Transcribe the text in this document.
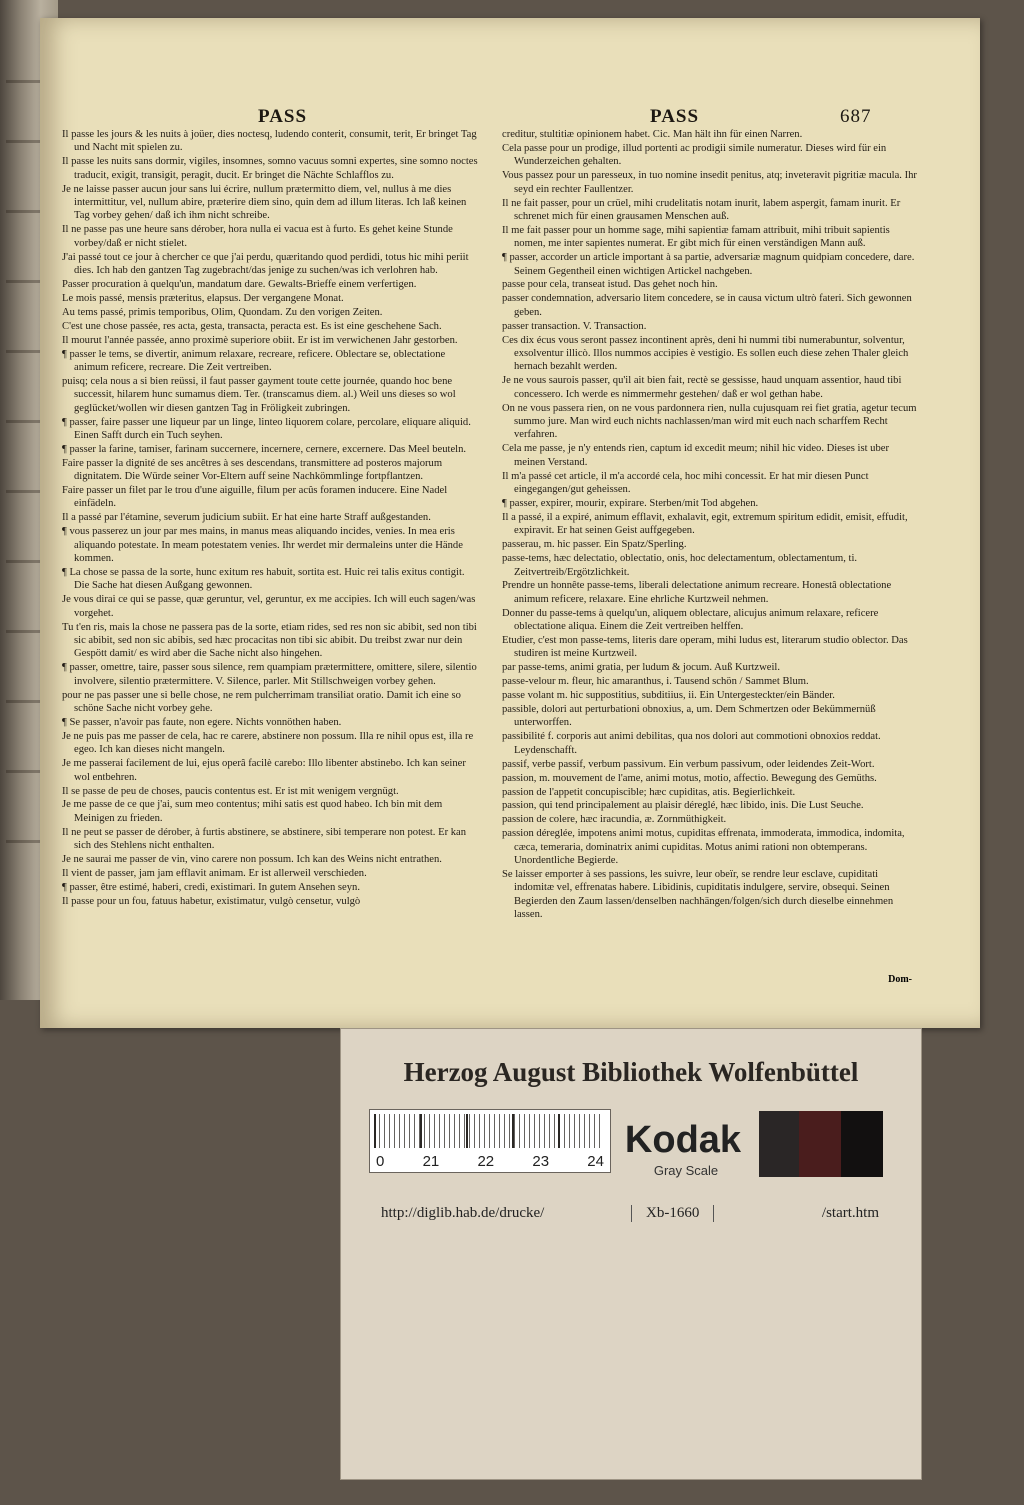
PASS	PASS	687

Il passe les jours & les nuits à joüer, dies noctesq, ludendo conterit, consumit, terit, Er bringet Tag und Nacht mit spielen zu.

Il passe les nuits sans dormir, vigiles, insomnes, somno vacuus somni expertes, sine somno noctes traducit, exigit, transigit, peragit, ducit. Er bringet die Nächte Schlafflos zu.

Je ne laisse passer aucun jour sans lui écrire, nullum prætermitto diem, vel, nullus à me dies intermittitur, vel, nullum abire, præterire diem sino, quin dem ad illum literas. Ich laß keinen Tag vorbey gehen/ daß ich ihm nicht schreibe.

Il ne passe pas une heure sans dérober, hora nulla ei vacua est à furto. Es gehet keine Stunde vorbey/daß er nicht stielet.

J'ai passé tout ce jour à chercher ce que j'ai perdu, quæritando quod perdidi, totus hic mihi periit dies. Ich hab den gantzen Tag zugebracht/das jenige zu suchen/was ich verlohren hab.

Passer procuration à quelqu'un, mandatum dare. Gewalts-Brieffe einem verfertigen.

Le mois passé, mensis præteritus, elapsus. Der vergangene Monat.

Au tems passé, primis temporibus, Olim, Quondam. Zu den vorigen Zeiten.

C'est une chose passée, res acta, gesta, transacta, peracta est. Es ist eine geschehene Sach.

Il mourut l'année passée, anno proximè superiore obiit. Er ist im verwichenen Jahr gestorben.

¶ passer le tems, se divertir, animum relaxare, recreare, reficere. Oblectare se, oblectatione animum reficere, recreare. Die Zeit vertreiben.

puisq; cela nous a si bien reüssi, il faut passer gayment toute cette journée, quando hoc bene successit, hilarem hunc sumamus diem. Ter. (transcamus diem. al.) Weil uns dieses so wol geglücket/wollen wir diesen gantzen Tag in Fröligkeit zubringen.

¶ passer, faire passer une liqueur par un linge, linteo liquorem colare, percolare, eliquare aliquid. Einen Safft durch ein Tuch seyhen.

¶ passer la farine, tamiser, farinam succernere, incernere, cernere, excernere. Das Meel beuteln.

Faire passer la dignité de ses ancêtres à ses descendans, transmittere ad posteros majorum dignitatem. Die Würde seiner Vor-Eltern auff seine Nachkömmlinge fortpflantzen.

Faire passer un filet par le trou d'une aiguille, filum per acûs foramen inducere. Eine Nadel einfädeln.

Il a passé par l'étamine, severum judicium subiit. Er hat eine harte Straff außgestanden.

¶ vous passerez un jour par mes mains, in manus meas aliquando incides, venies. In mea eris aliquando potestate. In meam potestatem venies. Ihr werdet mir dermaleins unter die Hände kommen.

¶ La chose se passa de la sorte, hunc exitum res habuit, sortita est. Huic rei talis exitus contigit. Die Sache hat diesen Außgang gewonnen.

Je vous dirai ce qui se passe, quæ geruntur, vel, geruntur, ex me accipies. Ich will euch sagen/was vorgehet.

Tu t'en ris, mais la chose ne passera pas de la sorte, etiam rides, sed res non sic abibit, sed non tibi sic abibit, sed non sic abibis, sed hæc procacitas non tibi sic abibit. Du treibst zwar nur dein Gespött damit/ es wird aber die Sache nicht also hingehen.

¶ passer, omettre, taire, passer sous silence, rem quampiam prætermittere, omittere, silere, silentio involvere, silentio prætermittere. V. Silence, parler. Mit Stillschweigen vorbey gehen.

pour ne pas passer une si belle chose, ne rem pulcherrimam transiliat oratio. Damit ich eine so schöne Sache nicht vorbey gehe.

¶ Se passer, n'avoir pas faute, non egere. Nichts vonnöthen haben.

Je ne puis pas me passer de cela, hac re carere, abstinere non possum. Illa re nihil opus est, illa re egeo. Ich kan dieses nicht mangeln.

Je me passerai facilement de lui, ejus operâ facilè carebo: Illo libenter abstinebo. Ich kan seiner wol entbehren.

Il se passe de peu de choses, paucis contentus est. Er ist mit wenigem vergnügt.

Je me passe de ce que j'ai, sum meo contentus; mihi satis est quod habeo. Ich bin mit dem Meinigen zu frieden.

Il ne peut se passer de dérober, à furtis abstinere, se abstinere, sibi temperare non potest. Er kan sich des Stehlens nicht enthalten.

Je ne saurai me passer de vin, vino carere non possum. Ich kan des Weins nicht entrathen.

Il vient de passer, jam jam efflavit animam. Er ist allerweil verschieden.

¶ passer, être estimé, haberi, credi, existimari. In gutem Ansehen seyn.

Il passe pour un fou, fatuus habetur, existimatur, vulgò censetur, vulgò

creditur, stultitiæ opinionem habet. Cic. Man hält ihn für einen Narren.

Cela passe pour un prodige, illud portenti ac prodigii simile numeratur. Dieses wird für ein Wunderzeichen gehalten.

Vous passez pour un paresseux, in tuo nomine insedit penitus, atq; inveteravit pigritiæ macula. Ihr seyd ein rechter Faullentzer.

Il ne fait passer, pour un crüel, mihi crudelitatis notam inurit, labem aspergit, famam inurit. Er schrenet mich für einen grausamen Menschen auß.

Il me fait passer pour un homme sage, mihi sapientiæ famam attribuit, mihi tribuit sapientis nomen, me inter sapientes numerat. Er gibt mich für einen verständigen Mann auß.

¶ passer, accorder un article important à sa partie, adversariæ magnum quidpiam concedere, dare. Seinem Gegentheil einen wichtigen Artickel nachgeben.

passe pour cela, transeat istud. Das gehet noch hin.

passer condemnation, adversario litem concedere, se in causa victum ultrò fateri. Sich gewonnen geben.

passer transaction. V. Transaction.

Ces dix écus vous seront passez incontinent après, deni hi nummi tibi numerabuntur, solventur, exsolventur illicò. Illos nummos accipies è vestigio. Es sollen euch diese zehen Thaler gleich hernach bezahlt werden.

Je ne vous saurois passer, qu'il ait bien fait, rectè se gessisse, haud unquam assentior, haud tibi concessero. Ich werde es nimmermehr gestehen/ daß er wol gethan habe.

On ne vous passera rien, on ne vous pardonnera rien, nulla cujusquam rei fiet gratia, agetur tecum summo jure. Man wird euch nichts nachlassen/man wird mit euch nach scharffem Recht verfahren.

Cela me passe, je n'y entends rien, captum id excedit meum; nihil hic video. Dieses ist uber meinen Verstand.

Il m'a passé cet article, il m'a accordé cela, hoc mihi concessit. Er hat mir diesen Punct eingegangen/gut geheissen.

¶ passer, expirer, mourir, expirare. Sterben/mit Tod abgehen.

Il a passé, il a expiré, animum efflavit, exhalavit, egit, extremum spiritum edidit, emisit, effudit, expiravit. Er hat seinen Geist auffgegeben.

passerau, m. hic passer. Ein Spatz/Sperling.

passe-tems, hæc delectatio, oblectatio, onis, hoc delectamentum, oblectamentum, ti. Zeitvertreib/Ergötzlichkeit.

Prendre un honnête passe-tems, liberali delectatione animum recreare. Honestâ oblectatione animum reficere, relaxare. Eine ehrliche Kurtzweil nehmen.

Donner du passe-tems à quelqu'un, aliquem oblectare, alicujus animum relaxare, reficere oblectatione aliqua. Einem die Zeit vertreiben helffen.

Etudier, c'est mon passe-tems, literis dare operam, mihi ludus est, literarum studio oblector. Das studiren ist meine Kurtzweil.

par passe-tems, animi gratia, per ludum & jocum. Auß Kurtzweil.

passe-velour m. fleur, hic amaranthus, i. Tausend schön / Sammet Blum.

passe volant m. hic suppostitius, subditiius, ii. Ein Untergesteckter/ein Bänder.

passible, dolori aut perturbationi obnoxius, a, um. Dem Schmertzen oder Bekümmernüß unterworffen.

passibilité f. corporis aut animi debilitas, qua nos dolori aut commotioni obnoxios reddat. Leydenschafft.

passif, verbe passif, verbum passivum. Ein verbum passivum, oder leidendes Zeit-Wort.

passion, m. mouvement de l'ame, animi motus, motio, affectio. Bewegung des Gemüths.

passion de l'appetit concupiscible; hæc cupiditas, atis. Begierlichkeit.

passion, qui tend principalement au plaisir déreglé, hæc libido, inis. Die Lust Seuche.

passion de colere, hæc iracundia, æ. Zornmüthigkeit.

passion déreglée, impotens animi motus, cupiditas effrenata, immoderata, immodica, indomita, cæca, temeraria, dominatrix animi cupiditas. Motus animi rationi non obtemperans. Unordentliche Begierde.

Se laisser emporter à ses passions, les suivre, leur obeïr, se rendre leur esclave, cupiditati indomitæ vel, effrenatas habere. Libidinis, cupiditatis indulgere, servire, obsequi. Seinen Begierden den Zaum lassen/denselben nachhängen/folgen/sich durch dieselbe einnehmen lassen.

Dom-
Herzog August Bibliothek Wolfenbüttel
0	21	22	23	24
Kodak
Gray Scale
http://diglib.hab.de/drucke/	Xb-1660	/start.htm
